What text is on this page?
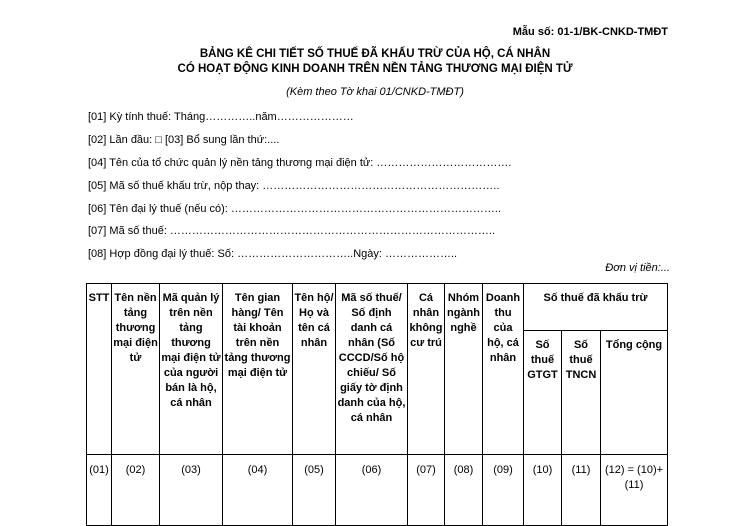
Mẫu số: 01-1/BK-CNKD-TMĐT
BẢNG KÊ CHI TIẾT SỐ THUẾ ĐÃ KHẤU TRỪ CỦA HỘ, CÁ NHÂN
CÓ HOẠT ĐỘNG KINH DOANH TRÊN NỀN TẢNG THƯƠNG MẠI ĐIỆN TỬ
(Kèm theo Tờ khai 01/CNKD-TMĐT)
[01] Kỳ tính thuế: Tháng…………..năm…………………
[02] Lần đầu: □ [03] Bổ sung lần thứ:....
[04] Tên của tổ chức quản lý nền tảng thương mại điện tử: ……………………………….
[05] Mã số thuế khấu trừ, nộp thay: ………………………………………………………..
[06] Tên đại lý thuế (nếu có): ………………………………………………………………..
[07] Mã số thuế: ……………………………………………………………………………..
[08] Hợp đồng đại lý thuế: Số: …………………………..Ngày: ………………..
Đơn vị tiền:...
STT	Tên nền tảng thương mại điện tử	Mã quản lý trên nền tảng thương mại điện tử của người bán là hộ, cá nhân	Tên gian hàng/ Tên tài khoản trên nền tảng thương mại điện tử	Tên hộ/ Họ và tên cá nhân	Mã số thuế/ Số định danh cá nhân (Số CCCD/Số hộ chiếu/ Số giấy tờ định danh của hộ, cá nhân	Cá nhân không cư trú	Nhóm ngành nghề	Doanh thu của hộ, cá nhân	Số thuế đã khấu trừ		
									Số thuế GTGT	Số thuế TNCN	Tổng cộng
(01)	(02)	(03)	(04)	(05)	(06)	(07)	(08)	(09)	(10)	(11)	(12) = (10)+(11)
